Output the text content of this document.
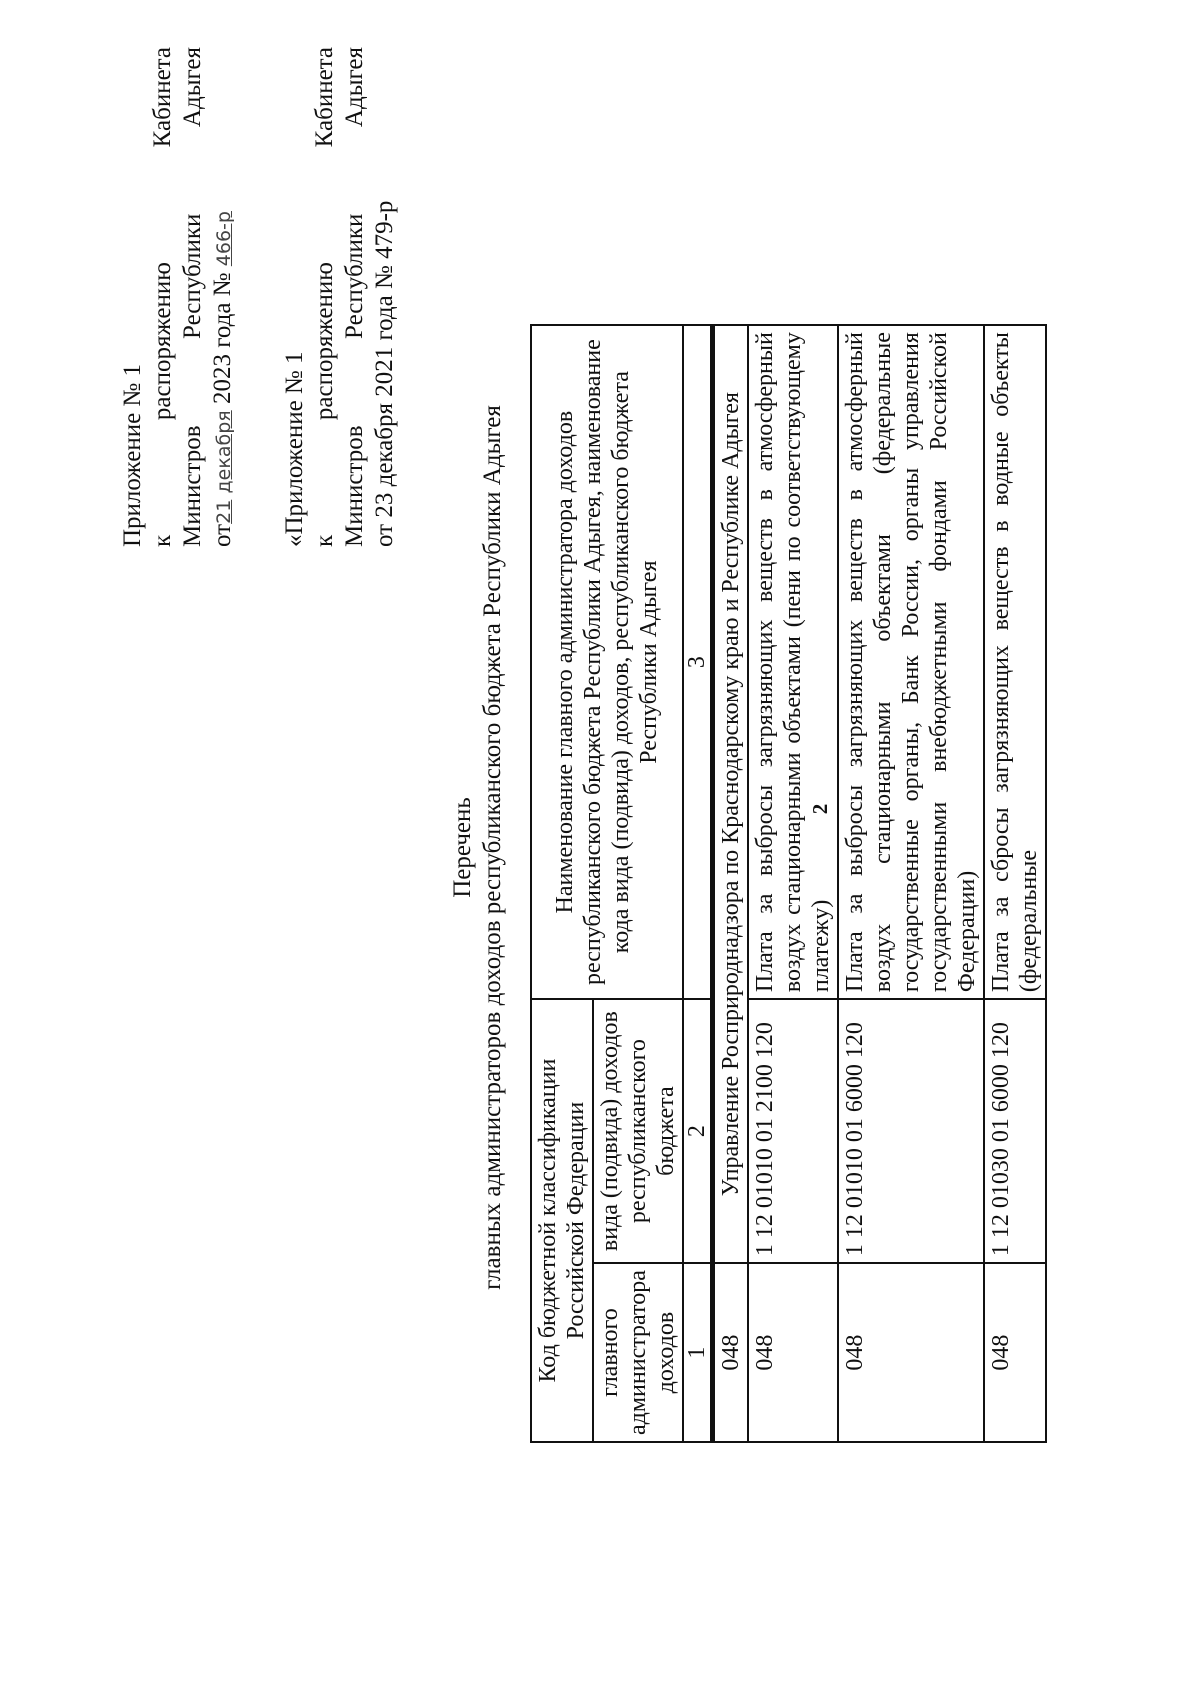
Приложение № 1 к распоряжению Кабинета
Министров Республики Адыгея
от21 декабря 2023 года № 466-р
«Приложение № 1 к распоряжению Кабинета
Министров Республики Адыгея
от 23 декабря 2021 года № 479-р
Перечень главных администраторов доходов республиканского бюджета Республики Адыгея Код бюджетной классификации Российской Федерации		Наименование главного администратора доходов республиканского бюджета Республики Адыгея, наименование кода вида (подвида) доходов, республиканского бюджета Республики Адыгея
главного администратора доходов	вида (подвида) доходов республиканского бюджета	
1	2	3
048	Управление Росприроднадзора по Краснодарскому краю и Республике Адыгея	
048	1 12 01010 01 2100 120	Плата за выбросы загрязняющих веществ в атмосферный воздух стационарными объектами (пени по соответствующему платежу)
048	1 12 01010 01 6000 120	Плата за выбросы загрязняющих веществ в атмосферный воздух стационарными объектами (федеральные государственные органы, Банк России, органы управления государственными внебюджетными фондами Российской Федерации)
048	1 12 01030 01 6000 120	Плата за сбросы загрязняющих веществ в водные объекты (федеральные
2
